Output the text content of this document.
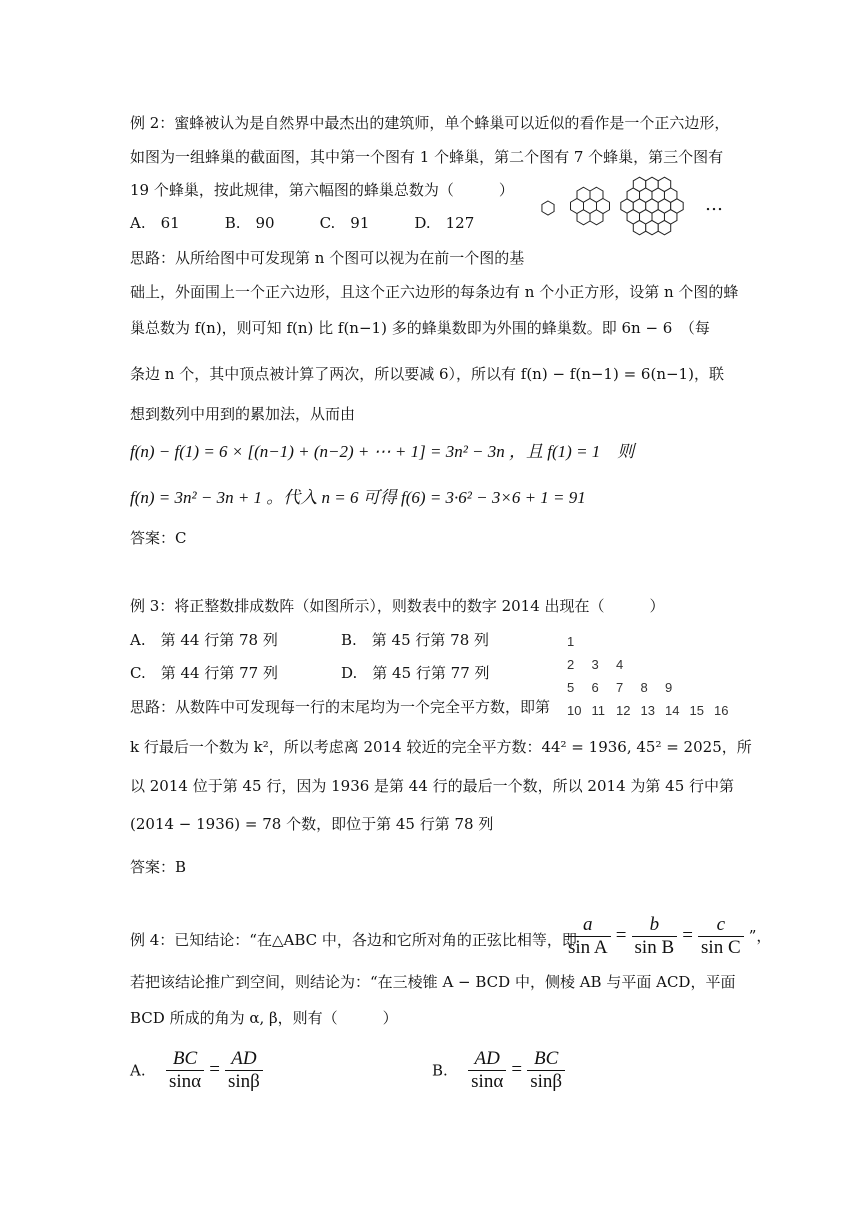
例 2：蜜蜂被认为是自然界中最杰出的建筑师，单个蜂巢可以近似的看作是一个正六边形，
如图为一组蜂巢的截面图，其中第一个图有 1 个蜂巢，第二个图有 7 个蜂巢，第三个图有
19 个蜂巢，按此规律，第六幅图的蜂巢总数为（　　　）
A.　61　　　B.　90　　　C.　91　　　D.　127
…
思路：从所给图中可发现第 n 个图可以视为在前一个图的基
础上，外面围上一个正六边形，且这个正六边形的每条边有 n 个小正方形，设第 n 个图的蜂
巢总数为 f(n)，则可知 f(n) 比 f(n−1) 多的蜂巢数即为外围的蜂巢数。即 6n − 6　（每
条边 n 个，其中顶点被计算了两次，所以要减 6），所以有 f(n) − f(n−1) = 6(n−1)，联
想到数列中用到的累加法，从而由
f(n) − f(1) = 6 × [(n−1) + (n−2) + ⋯ + 1] = 3n² − 3n ，且 f(1) = 1　则
f(n) = 3n² − 3n + 1 。代入 n = 6 可得 f(6) = 3·6² − 3×6 + 1 = 91
答案：C
例 3：将正整数排成数阵（如图所示），则数表中的数字 2014 出现在（　　　）
A.　第 44 行第 78 列	B.　第 45 行第 78 列
C.　第 44 行第 77 列	D.　第 45 行第 77 列
1
2 3 4
5 6 7 8 9
10 11 12 13 14 15 16
思路：从数阵中可发现每一行的末尾均为一个完全平方数，即第
k 行最后一个数为 k²，所以考虑离 2014 较近的完全平方数：44² = 1936, 45² = 2025，所
以 2014 位于第 45 行，因为 1936 是第 44 行的最后一个数，所以 2014 为第 45 行中第
(2014 − 1936) = 78 个数，即位于第 45 行第 78 列
答案：B
例 4：已知结论：“在△ABC 中，各边和它所对角的正弦比相等，即
$\frac{a}{\text{sin A}} = \frac{b}{\text{sin B}} = \frac{c}{\text{sin C}}$ ”，
若把该结论推广到空间，则结论为：“在三棱锥 A − BCD 中，侧棱 AB 与平面 ACD，平面
BCD 所成的角为 α, β，则有（　　　）
A. $\frac{BC}{\sin\alpha} = \frac{AD}{\sin\beta}$	B. $\frac{AD}{\sin\alpha} = \frac{BC}{\sin\beta}$
